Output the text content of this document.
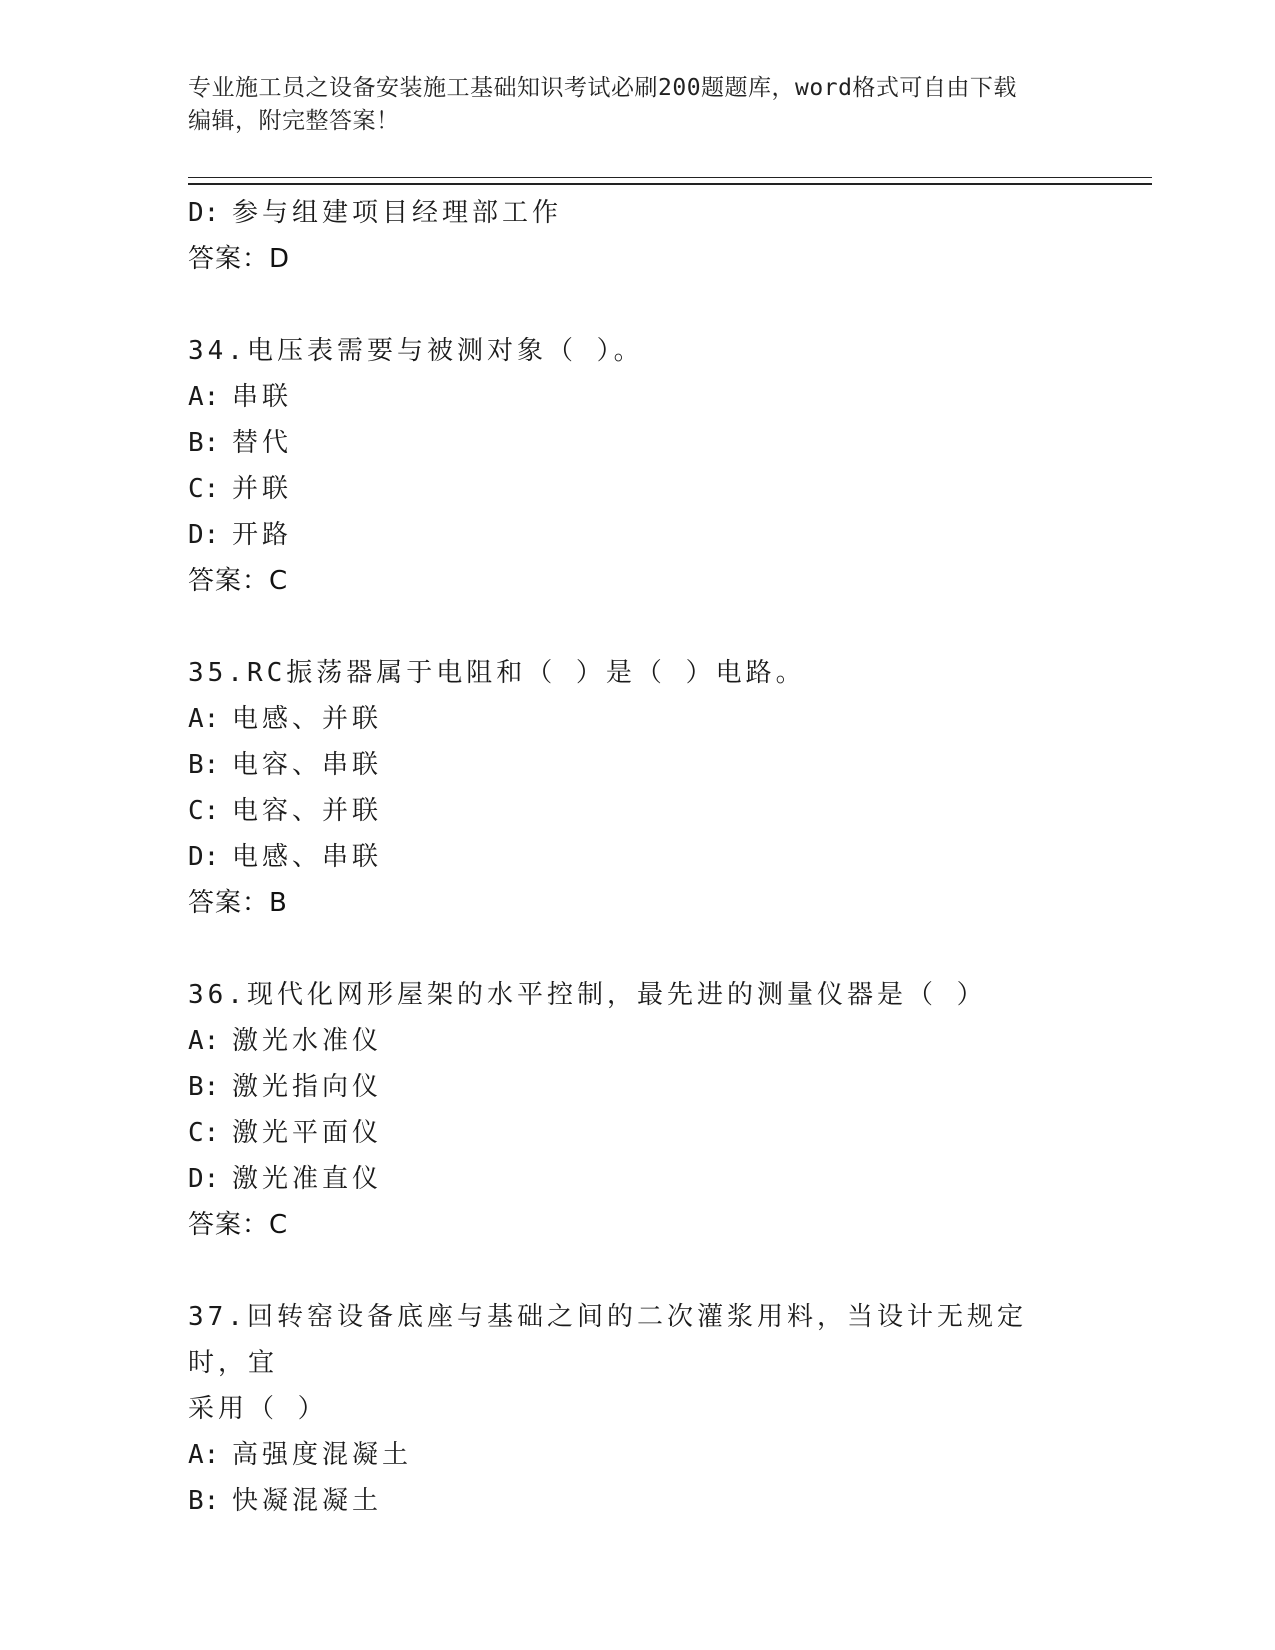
专业施工员之设备安装施工基础知识考试必刷200题题库，word格式可自由下载
编辑，附完整答案！
D: 参与组建项目经理部工作
答案：D
34.电压表需要与被测对象（ ）。
A: 串联
B: 替代
C: 并联
D: 开路
答案：C
35.RC振荡器属于电阻和（ ）是（ ）电路。
A: 电感、并联
B: 电容、串联
C: 电容、并联
D: 电感、串联
答案：B
36.现代化网形屋架的水平控制，最先进的测量仪器是（ ）
A: 激光水准仪
B: 激光指向仪
C: 激光平面仪
D: 激光准直仪
答案：C
37.回转窑设备底座与基础之间的二次灌浆用料，当设计无规定时，宜
采用（ ）
A: 高强度混凝土
B: 快凝混凝土
